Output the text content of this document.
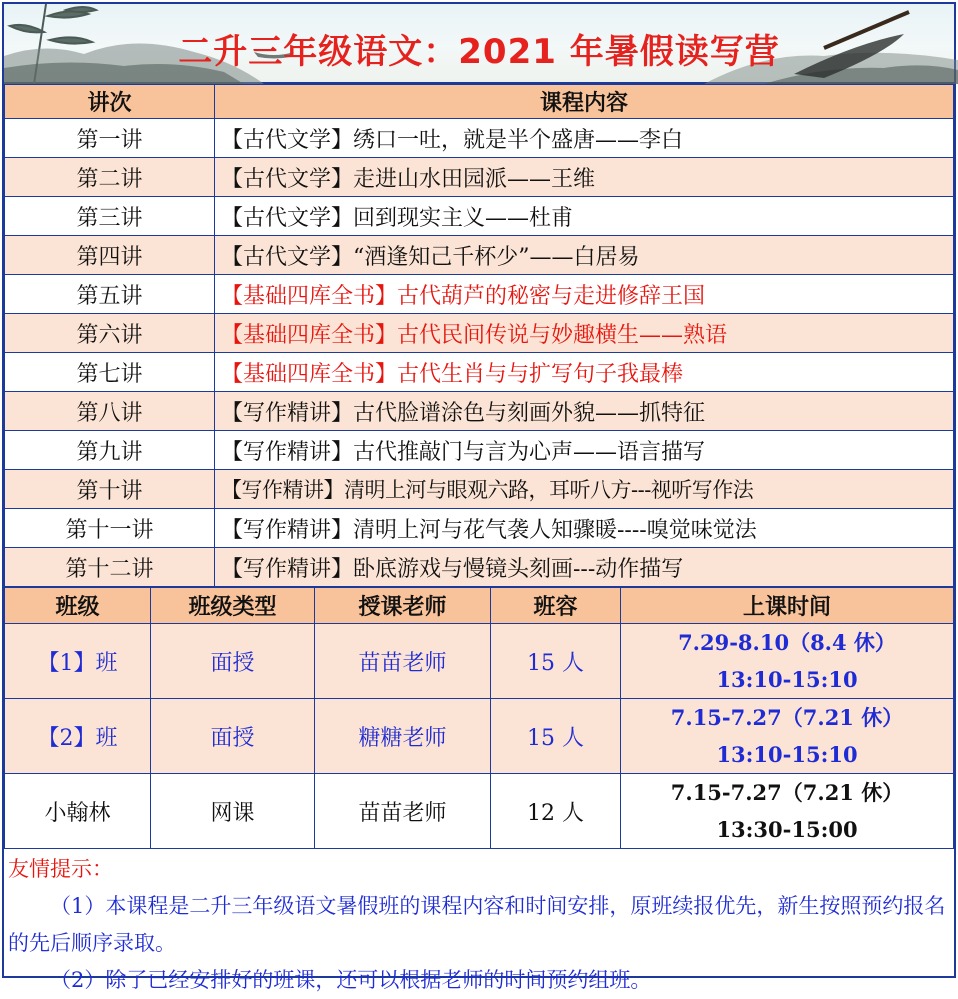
二升三年级语文：2021 年暑假读写营
讲次	课程内容
第一讲	【古代文学】绣口一吐，就是半个盛唐——李白
第二讲	【古代文学】走进山水田园派——王维
第三讲	【古代文学】回到现实主义——杜甫
第四讲	【古代文学】“酒逢知己千杯少”——白居易
第五讲	【基础四库全书】古代葫芦的秘密与走进修辞王国
第六讲	【基础四库全书】古代民间传说与妙趣横生——熟语
第七讲	【基础四库全书】古代生肖与与扩写句子我最棒
第八讲	【写作精讲】古代脸谱涂色与刻画外貌——抓特征
第九讲	【写作精讲】古代推敲门与言为心声——语言描写
第十讲	【写作精讲】清明上河与眼观六路，耳听八方---视听写作法
第十一讲	【写作精讲】清明上河与花气袭人知骤暖----嗅觉味觉法
第十二讲	【写作精讲】卧底游戏与慢镜头刻画---动作描写
班级	班级类型	授课老师	班容	上课时间
【1】班	面授	苗苗老师	15 人	7.29-8.10（8.4 休）
13:10-15:10

【2】班	面授	糖糖老师	15 人	7.15-7.27（7.21 休）
13:10-15:10

小翰林	网课	苗苗老师	12 人	7.15-7.27（7.21 休）
13:30-15:00
友情提示：
（1）本课程是二升三年级语文暑假班的课程内容和时间安排，原班续报优先，新生按照预约报名的先后顺序录取。
（2）除了已经安排好的班课，还可以根据老师的时间预约组班。
